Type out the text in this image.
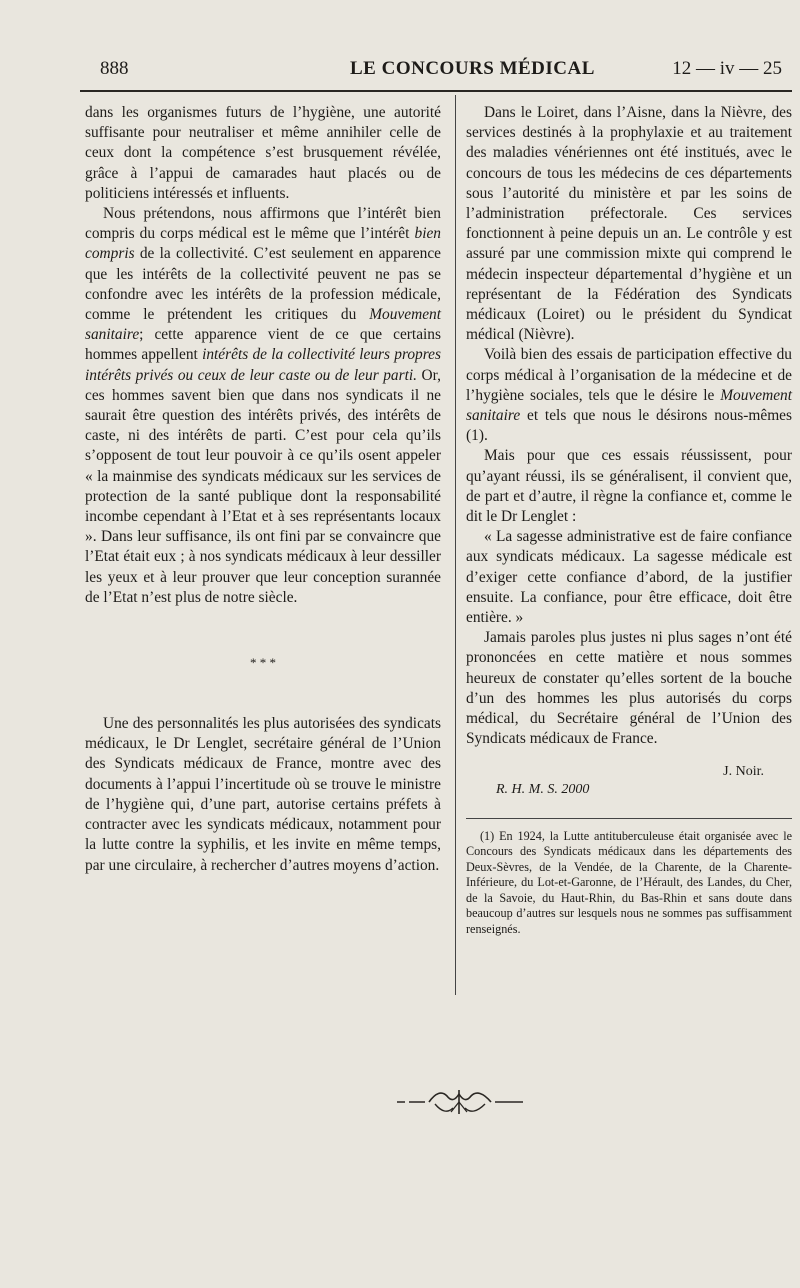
888	LE CONCOURS MÉDICAL	12 — iv — 25

dans les organismes futurs de l’hygiène, une autorité suffisante pour neutraliser et même annihiler celle de ceux dont la compétence s’est brusquement révélée, grâce à l’appui de camarades haut placés ou de politiciens intéressés et influents.

Nous prétendons, nous affirmons que l’intérêt bien compris du corps médical est le même que l’intérêt bien compris de la collectivité. C’est seulement en apparence que les intérêts de la collectivité peuvent ne pas se confondre avec les intérêts de la profession médicale, comme le prétendent les critiques du Mouvement sanitaire; cette apparence vient de ce que certains hommes appellent intérêts de la collectivité leurs propres intérêts privés ou ceux de leur caste ou de leur parti. Or, ces hommes savent bien que dans nos syndicats il ne saurait être question des intérêts privés, des intérêts de caste, ni des intérêts de parti. C’est pour cela qu’ils s’opposent de tout leur pouvoir à ce qu’ils osent appeler « la mainmise des syndicats médicaux sur les services de protection de la santé publique dont la responsabilité incombe cependant à l’Etat et à ses représentants locaux ». Dans leur suffisance, ils ont fini par se convaincre que l’Etat était eux ; à nos syndicats médicaux à leur dessiller les yeux et à leur prouver que leur conception surannée de l’Etat n’est plus de notre siècle.

* * *

Une des personnalités les plus autorisées des syndicats médicaux, le Dr Lenglet, secrétaire général de l’Union des Syndicats médicaux de France, montre avec des documents à l’appui l’incertitude où se trouve le ministre de l’hygiène qui, d’une part, autorise certains préfets à contracter avec les syndicats médicaux, notamment pour la lutte contre la syphilis, et les invite en même temps, par une circulaire, à rechercher d’autres moyens d’action.

Dans le Loiret, dans l’Aisne, dans la Nièvre, des services destinés à la prophylaxie et au traitement des maladies vénériennes ont été institués, avec le concours de tous les médecins de ces départements sous l’autorité du ministère et par les soins de l’administration préfectorale. Ces services fonctionnent à peine depuis un an. Le contrôle y est assuré par une commission mixte qui comprend le médecin inspecteur départemental d’hygiène et un représentant de la Fédération des Syndicats médicaux (Loiret) ou le président du Syndicat médical (Nièvre).

Voilà bien des essais de participation effective du corps médical à l’organisation de la médecine et de l’hygiène sociales, tels que le désire le Mouvement sanitaire et tels que nous le désirons nous-mêmes (1).

Mais pour que ces essais réussissent, pour qu’ayant réussi, ils se généralisent, il convient que, de part et d’autre, il règne la confiance et, comme le dit le Dr Lenglet :

« La sagesse administrative est de faire confiance aux syndicats médicaux. La sagesse médicale est d’exiger cette confiance d’abord, de la justifier ensuite. La confiance, pour être efficace, doit être entière. »

Jamais paroles plus justes ni plus sages n’ont été prononcées en cette matière et nous sommes heureux de constater qu’elles sortent de la bouche d’un des hommes les plus autorisés du corps médical, du Secrétaire général de l’Union des Syndicats médicaux de France.

J. Noir.
R. H. M. S. 2000

(1) En 1924, la Lutte antituberculeuse était organisée avec le Concours des Syndicats médicaux dans les départements des Deux-Sèvres, de la Vendée, de la Charente, de la Charente-Inférieure, du Lot-et-Garonne, de l’Hérault, des Landes, du Cher, de la Savoie, du Haut-Rhin, du Bas-Rhin et sans doute dans beaucoup d’autres sur lesquels nous ne sommes pas suffisamment renseignés.
